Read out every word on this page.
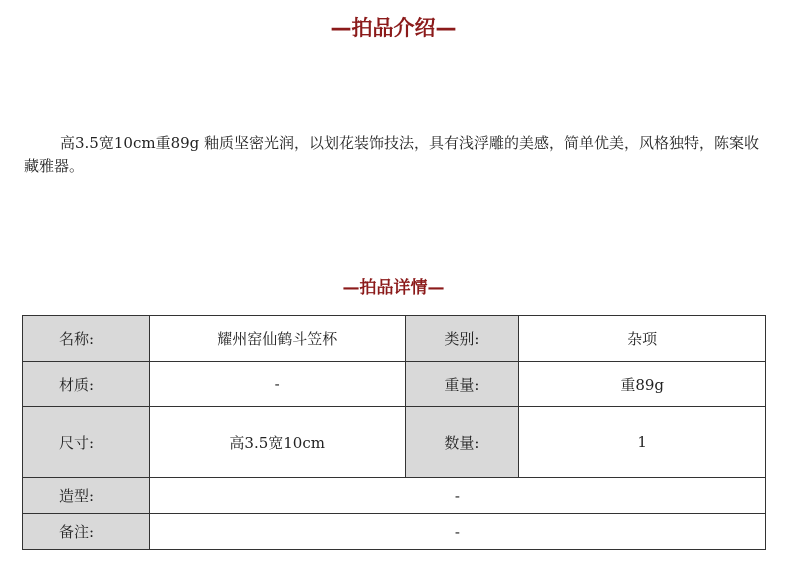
—拍品介绍—
高3.5宽10cm重89g 釉质坚密光润，以划花装饰技法，具有浅浮雕的美感，简单优美，风格独特，陈案收藏雅器。
—拍品详情—
名称:	耀州窑仙鹤斗笠杯	类别:	杂项
材质:	-	重量:	重89g
尺寸:	高3.5宽10cm	数量:	1
造型:	-		
备注:	-		
